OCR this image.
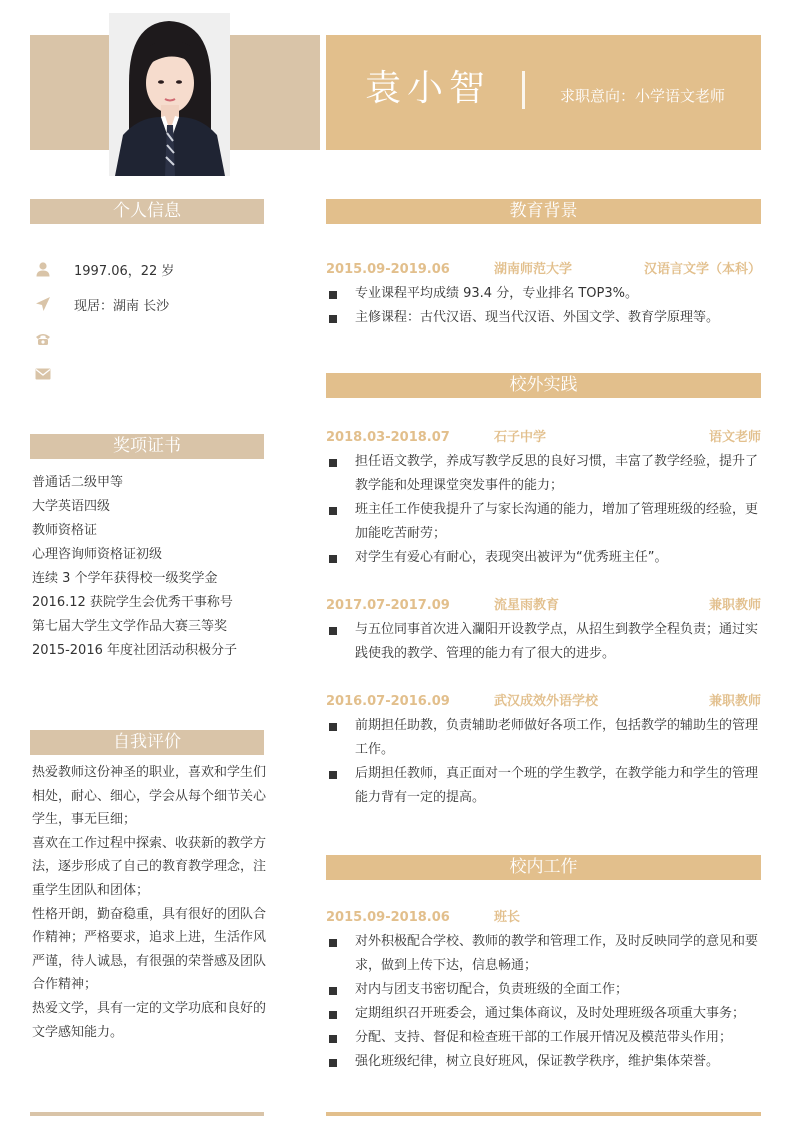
袁小智	求职意向：小学语文老师
个人信息
1997.06，22 岁
现居：湖南 长沙
奖项证书
普通话二级甲等
大学英语四级
教师资格证
心理咨询师资格证初级
连续 3 个学年获得校一级奖学金
2016.12 获院学生会优秀干事称号
第七届大学生文学作品大赛三等奖
2015-2016 年度社团活动积极分子
自我评价

热爱教师这份神圣的职业，喜欢和学生们相处，耐心、细心，学会从每个细节关心学生，事无巨细；

喜欢在工作过程中探索、收获新的教学方法，逐步形成了自己的教育教学理念，注重学生团队和团体；

性格开朗，勤奋稳重，具有很好的团队合作精神；严格要求，追求上进，生活作风严谨，待人诚恳，有很强的荣誉感及团队合作精神；

热爱文学，具有一定的文学功底和良好的文学感知能力。

教育背景
2015.09-2019.06	湖南师范大学	汉语言文学（本科）
专业课程平均成绩 93.4 分，专业排名 TOP3%。
主修课程：古代汉语、现当代汉语、外国文学、教育学原理等。
校外实践
2018.03-2018.07	石子中学	语文老师
担任语文教学，养成写教学反思的良好习惯，丰富了教学经验，提升了教学能和处理课堂突发事件的能力；
班主任工作使我提升了与家长沟通的能力，增加了管理班级的经验，更加能吃苦耐劳；
对学生有爱心有耐心，表现突出被评为“优秀班主任”。
2017.07-2017.09	流星雨教育	兼职教师
与五位同事首次进入瀾阳开设教学点，从招生到教学全程负责；通过实践使我的教学、管理的能力有了很大的进步。
2016.07-2016.09	武汉成效外语学校	兼职教师
前期担任助教，负责辅助老师做好各项工作，包括教学的辅助生的管理工作。
后期担任教师，真正面对一个班的学生教学，在教学能力和学生的管理能力背有一定的提高。
校内工作
2015.09-2018.06	班长
对外积极配合学校、教师的教学和管理工作，及时反映同学的意见和要求，做到上传下达，信息畅通；
对内与团支书密切配合，负责班级的全面工作；
定期组织召开班委会，通过集体商议，及时处理班级各项重大事务；
分配、支持、督促和检查班干部的工作展开情况及模范带头作用；
强化班级纪律，树立良好班风，保证教学秩序，维护集体荣誉。
